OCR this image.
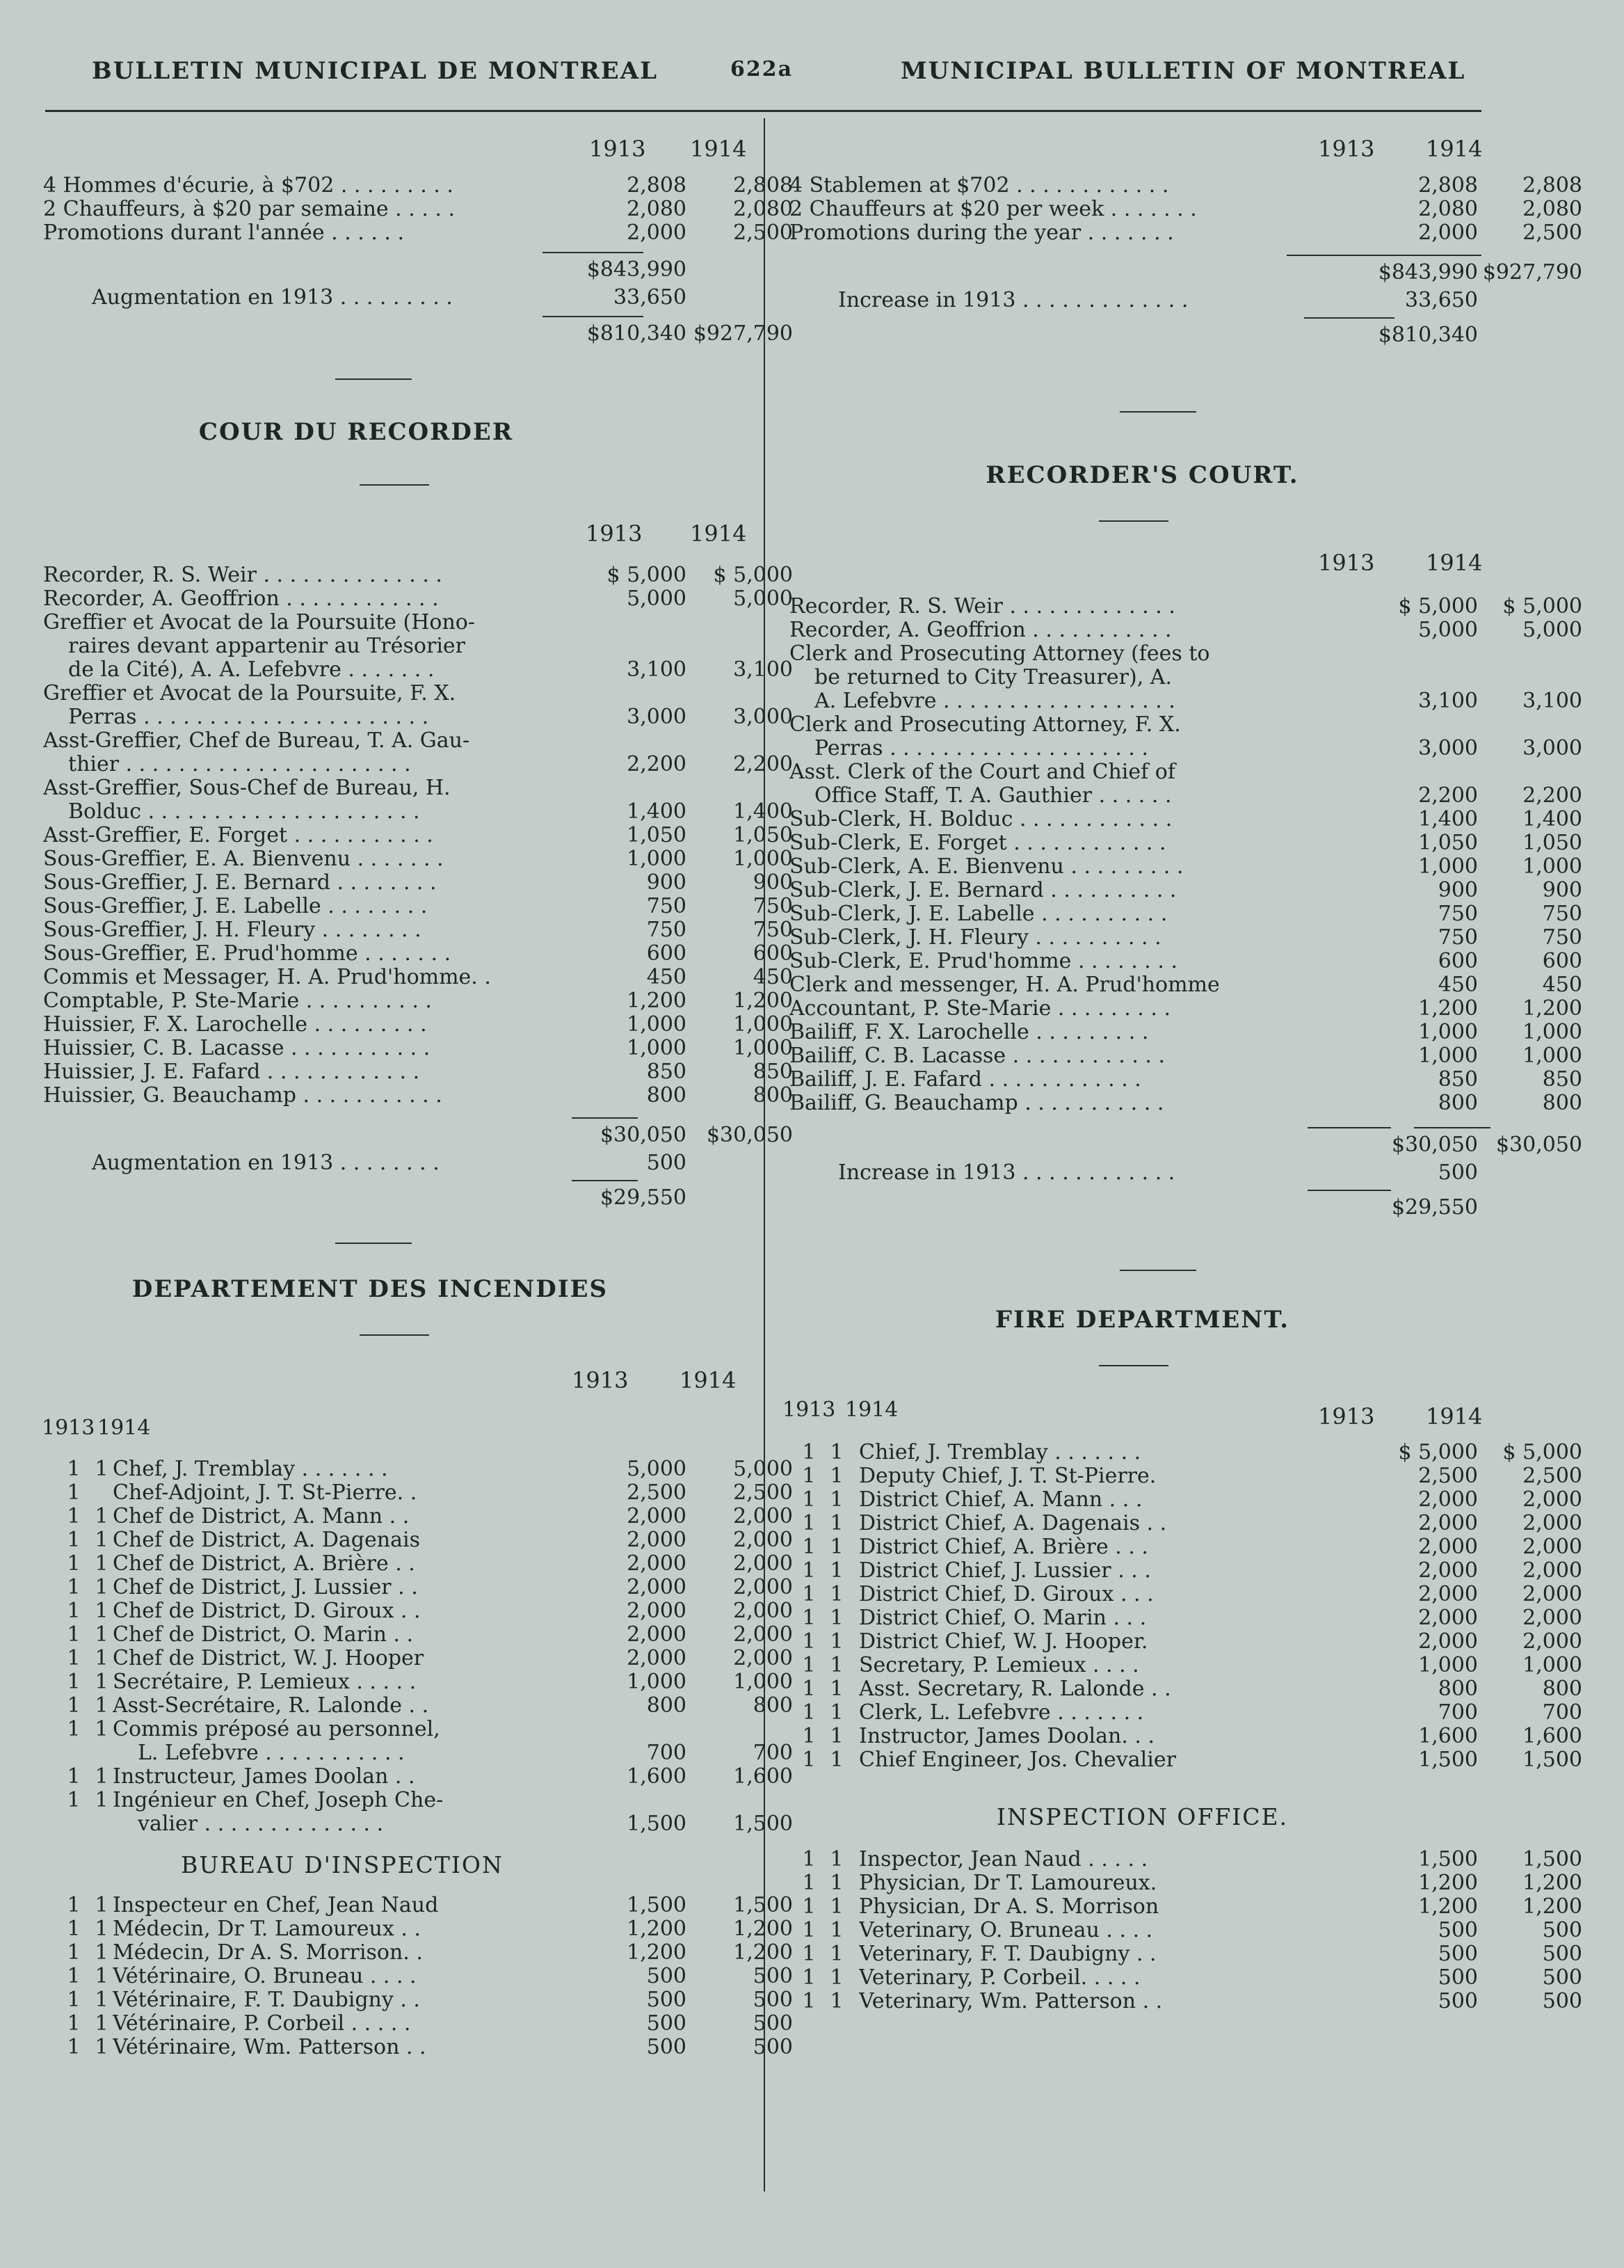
BULLETIN MUNICIPAL DE MONTREAL	622a	MUNICIPAL BULLETIN OF MONTREAL
1913 1914
4 Hommes d'écurie, à $702 . . . . . . . . .	2,808	2,808
2 Chauffeurs, à $20 par semaine . . . . .	2,080	2,080
Promotions durant l'année . . . . . .	2,000	2,500
$843,990
Augmentation en 1913 . . . . . . . . .	33,650
$810,340 $927,790
COUR DU RECORDER
1913 1914
Recorder, R. S. Weir . . . . . . . . . . . . . .	$ 5,000	$ 5,000
Recorder, A. Geoffrion . . . . . . . . . . . .	5,000	5,000
Greffier et Avocat de la Poursuite (Hono-
raires devant appartenir au Trésorier
de la Cité), A. A. Lefebvre . . . . . . .	3,100	3,100
Greffier et Avocat de la Poursuite, F. X.
Perras . . . . . . . . . . . . . . . . . . . . . .	3,000	3,000
Asst-Greffier, Chef de Bureau, T. A. Gau-
thier . . . . . . . . . . . . . . . . . . . . . .	2,200	2,200
Asst-Greffier, Sous-Chef de Bureau, H.
Bolduc . . . . . . . . . . . . . . . . . . . . .	1,400	1,400
Asst-Greffier, E. Forget . . . . . . . . . . .	1,050	1,050
Sous-Greffier, E. A. Bienvenu . . . . . . .	1,000	1,000
Sous-Greffier, J. E. Bernard . . . . . . . .	900	900
Sous-Greffier, J. E. Labelle . . . . . . . .	750	750
Sous-Greffier, J. H. Fleury . . . . . . . .	750	750
Sous-Greffier, E. Prud'homme . . . . . . .	600	600
Commis et Messager, H. A. Prud'homme. .	450	450
Comptable, P. Ste-Marie . . . . . . . . . .	1,200	1,200
Huissier, F. X. Larochelle . . . . . . . . .	1,000	1,000
Huissier, C. B. Lacasse . . . . . . . . . . .	1,000	1,000
Huissier, J. E. Fafard . . . . . . . . . . . .	850	850
Huissier, G. Beauchamp . . . . . . . . . . .	800	800
$30,050 $30,050
Augmentation en 1913 . . . . . . . .	500
$29,550
DEPARTEMENT DES INCENDIES
1913 1914
1913 1914
1 1 Chef, J. Tremblay . . . . . . .	5,000	5,000
1	Chef-Adjoint, J. T. St-Pierre. .	2,500	2,500
1 1 Chef de District, A. Mann . .	2,000	2,000
1 1 Chef de District, A. Dagenais	2,000	2,000
1 1 Chef de District, A. Brière . .	2,000	2,000
1 1 Chef de District, J. Lussier . .	2,000	2,000
1 1 Chef de District, D. Giroux . .	2,000	2,000
1 1 Chef de District, O. Marin . .	2,000	2,000
1 1 Chef de District, W. J. Hooper	2,000	2,000
1 1 Secrétaire, P. Lemieux . . . . .	1,000	1,000
1 1 Asst-Secrétaire, R. Lalonde . .	800	800
1 1 Commis préposé au personnel,
L. Lefebvre . . . . . . . . . . .	700	700
1 1 Instructeur, James Doolan . .	1,600	1,600
1 1 Ingénieur en Chef, Joseph Che-
valier . . . . . . . . . . . . . .	1,500	1,500
BUREAU D'INSPECTION
1 1 Inspecteur en Chef, Jean Naud	1,500	1,500
1 1 Médecin, Dr T. Lamoureux . .	1,200	1,200
1 1 Médecin, Dr A. S. Morrison. .	1,200	1,200
1 1 Vétérinaire, O. Bruneau . . . .	500	500
1 1 Vétérinaire, F. T. Daubigny . .	500	500
1 1 Vétérinaire, P. Corbeil . . . . .	500	500
1 1 Vétérinaire, Wm. Patterson . .	500	500
1913 1914
4 Stablemen at $702 . . . . . . . . . . . .	2,808	2,808
2 Chauffeurs at $20 per week . . . . . . .	2,080	2,080
Promotions during the year . . . . . . .	2,000	2,500
$843,990 $927,790
Increase in 1913 . . . . . . . . . . . . .	33,650
$810,340
RECORDER'S COURT.
1913 1914
Recorder, R. S. Weir . . . . . . . . . . . . .	$ 5,000	$ 5,000
Recorder, A. Geoffrion . . . . . . . . . . .	5,000	5,000
Clerk and Prosecuting Attorney (fees to
be returned to City Treasurer), A.
A. Lefebvre . . . . . . . . . . . . . . . . . .	3,100	3,100
Clerk and Prosecuting Attorney, F. X.
Perras . . . . . . . . . . . . . . . . . . . .	3,000	3,000
Asst. Clerk of the Court and Chief of
Office Staff, T. A. Gauthier . . . . . .	2,200	2,200
Sub-Clerk, H. Bolduc . . . . . . . . . . . .	1,400	1,400
Sub-Clerk, E. Forget . . . . . . . . . . . .	1,050	1,050
Sub-Clerk, A. E. Bienvenu . . . . . . . . .	1,000	1,000
Sub-Clerk, J. E. Bernard . . . . . . . . . .	900	900
Sub-Clerk, J. E. Labelle . . . . . . . . . .	750	750
Sub-Clerk, J. H. Fleury . . . . . . . . . .	750	750
Sub-Clerk, E. Prud'homme . . . . . . . .	600	600
Clerk and messenger, H. A. Prud'homme	450	450
Accountant, P. Ste-Marie . . . . . . . . .	1,200	1,200
Bailiff, F. X. Larochelle . . . . . . . . .	1,000	1,000
Bailiff, C. B. Lacasse . . . . . . . . . . . .	1,000	1,000
Bailiff, J. E. Fafard . . . . . . . . . . . .	850	850
Bailiff, G. Beauchamp . . . . . . . . . . .	800	800
$30,050 $30,050
Increase in 1913 . . . . . . . . . . . .	500
$29,550
FIRE DEPARTMENT.
1913 1914	1913 1914
1 1 Chief, J. Tremblay . . . . . . .	$ 5,000	$ 5,000
1 1 Deputy Chief, J. T. St-Pierre.	2,500	2,500
1 1 District Chief, A. Mann . . .	2,000	2,000
1 1 District Chief, A. Dagenais . .	2,000	2,000
1 1 District Chief, A. Brière . . .	2,000	2,000
1 1 District Chief, J. Lussier . . .	2,000	2,000
1 1 District Chief, D. Giroux . . .	2,000	2,000
1 1 District Chief, O. Marin . . .	2,000	2,000
1 1 District Chief, W. J. Hooper.	2,000	2,000
1 1 Secretary, P. Lemieux . . . .	1,000	1,000
1 1 Asst. Secretary, R. Lalonde . .	800	800
1 1 Clerk, L. Lefebvre . . . . . . .	700	700
1 1 Instructor, James Doolan. . .	1,600	1,600
1 1 Chief Engineer, Jos. Chevalier	1,500	1,500
INSPECTION OFFICE.
1 1 Inspector, Jean Naud . . . . .	1,500	1,500
1 1 Physician, Dr T. Lamoureux.	1,200	1,200
1 1 Physician, Dr A. S. Morrison	1,200	1,200
1 1 Veterinary, O. Bruneau . . . .	500	500
1 1 Veterinary, F. T. Daubigny . .	500	500
1 1 Veterinary, P. Corbeil. . . . .	500	500
1 1 Veterinary, Wm. Patterson . .	500	500
